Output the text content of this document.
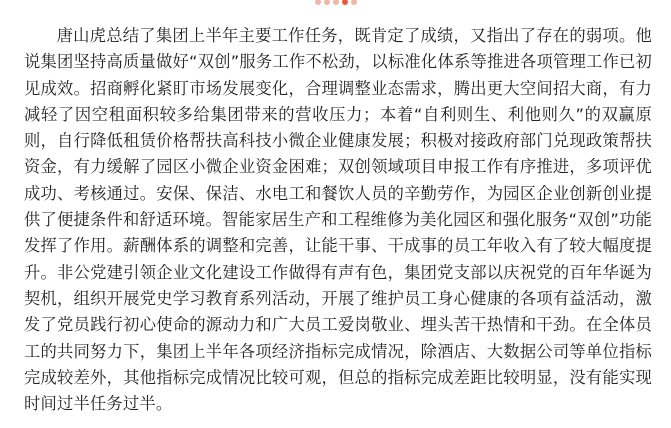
唐山虎总结了集团上半年主要工作任务，既肯定了成绩，又指出了存在的弱项。他说集团坚持高质量做好“双创”服务工作不松劲，以标准化体系等推进各项管理工作已初见成效。招商孵化紧盯市场发展变化，合理调整业态需求，腾出更大空间招大商，有力减轻了因空租面积较多给集团带来的营收压力；本着“自利则生、利他则久”的双赢原则，自行降低租赁价格帮扶高科技小微企业健康发展；积极对接政府部门兑现政策帮扶资金，有力缓解了园区小微企业资金困难；双创领域项目申报工作有序推进，多项评优成功、考核通过。安保、保洁、水电工和餐饮人员的辛勤劳作，为园区企业创新创业提供了便捷条件和舒适环境。智能家居生产和工程维修为美化园区和强化服务“双创”功能发挥了作用。薪酬体系的调整和完善，让能干事、干成事的员工年收入有了较大幅度提升。非公党建引领企业文化建设工作做得有声有色，集团党支部以庆祝党的百年华诞为契机，组织开展党史学习教育系列活动，开展了维护员工身心健康的各项有益活动，激发了党员践行初心使命的源动力和广大员工爱岗敬业、埋头苦干热情和干劲。在全体员工的共同努力下，集团上半年各项经济指标完成情况，除酒店、大数据公司等单位指标完成较差外，其他指标完成情况比较可观，但总的指标完成差距比较明显，没有能实现时间过半任务过半。
